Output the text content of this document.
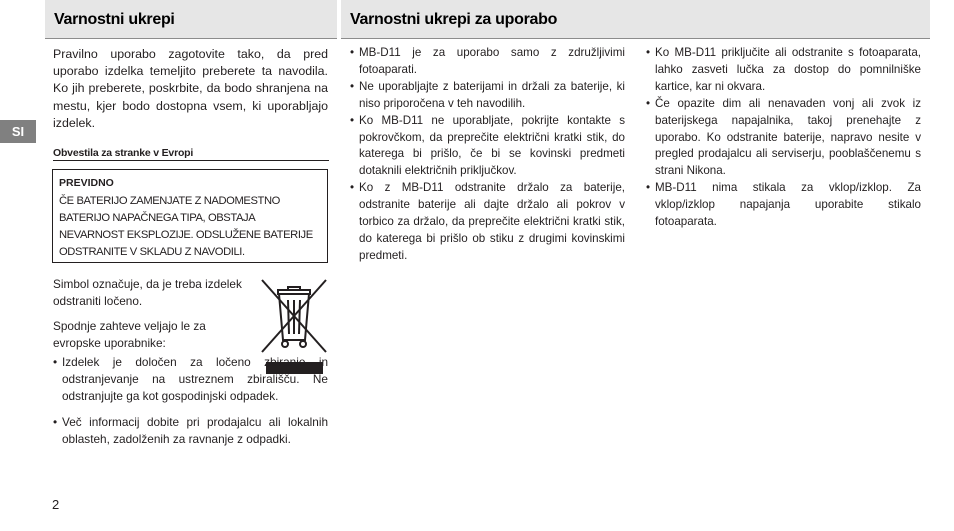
Varnostni ukrepi	Varnostni ukrepi za uporabo
SI

Pravilno uporabo zagotovite tako, da pred uporabo izdelka temeljito preberete ta navodila. Ko jih preberete, poskrbite, da bodo shranjena na mestu, kjer bodo dostopna vsem, ki uporabljajo izdelek.

Obvestila za stranke v Evropi
PREVIDNO
ČE BATERIJO ZAMENJATE Z NADOMESTNO BATERIJO NAPAČNEGA TIPA, OBSTAJA NEVARNOST EKSPLOZIJE. ODSLUŽENE BATERIJE ODSTRANITE V SKLADU Z NAVODILI.

Simbol označuje, da je treba izdelek odstraniti ločeno.

Spodnje zahteve veljajo le za evropske uporabnike:

• Izdelek je določen za ločeno zbiranje in odstranjevanje na ustreznem zbirališču. Ne odstranjujte ga kot gospodinjski odpadek.
• Več informacij dobite pri prodajalcu ali lokalnih oblasteh, zadolženih za ravnanje z odpadki.
• MB-D11 je za uporabo samo z združljivimi fotoaparati.
• Ne uporabljajte z baterijami in držali za baterije, ki niso priporočena v teh navodilih.
• Ko MB-D11 ne uporabljate, pokrijte kontakte s pokrovčkom, da preprečite električni kratki stik, do katerega bi prišlo, če bi se kovinski predmeti dotaknili električnih priključkov.
• Ko z MB-D11 odstranite držalo za baterije, odstranite baterije ali dajte držalo ali pokrov v torbico za držalo, da preprečite električni kratki stik, do katerega bi prišlo ob stiku z drugimi kovinskimi predmeti.
• Ko MB-D11 priključite ali odstranite s fotoaparata, lahko zasveti lučka za dostop do pomnilniške kartice, kar ni okvara.
• Če opazite dim ali nenavaden vonj ali zvok iz baterijskega napajalnika, takoj prenehajte z uporabo. Ko odstranite baterije, napravo nesite v pregled prodajalcu ali serviserju, pooblaščenemu s strani Nikona.
• MB-D11 nima stikala za vklop/izklop. Za vklop/izklop napajanja uporabite stikalo fotoaparata.
2
